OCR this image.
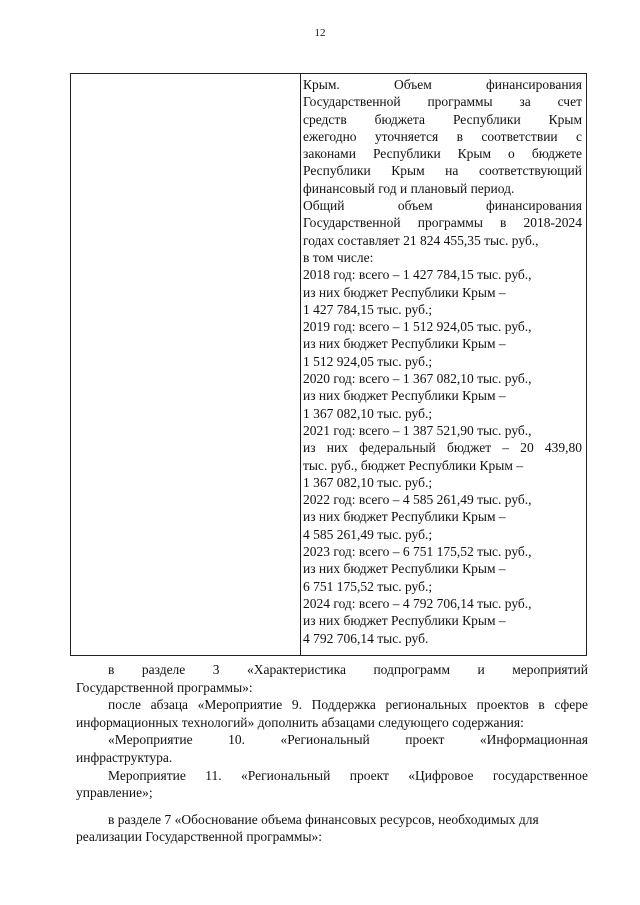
12
Крым. Объем финансирования
Государственной программы за счет
средств бюджета Республики Крым
ежегодно уточняется в соответствии с
законами Республики Крым о бюджете
Республики Крым на соответствующий
финансовый год и плановый период.
Общий объем финансирования
Государственной программы в 2018-2024
годах составляет 21 824 455,35 тыс. руб.,
в том числе:
2018 год: всего – 1 427 784,15 тыс. руб.,
из них бюджет Республики Крым –
1 427 784,15 тыс. руб.;
2019 год: всего – 1 512 924,05 тыс. руб.,
из них бюджет Республики Крым –
1 512 924,05 тыс. руб.;
2020 год: всего – 1 367 082,10 тыс. руб.,
из них бюджет Республики Крым –
1 367 082,10 тыс. руб.;
2021 год: всего – 1 387 521,90 тыс. руб.,
из них федеральный бюджет – 20 439,80
тыс. руб., бюджет Республики Крым –
1 367 082,10 тыс. руб.;
2022 год: всего – 4 585 261,49 тыс. руб.,
из них бюджет Республики Крым –
4 585 261,49 тыс. руб.;
2023 год: всего – 6 751 175,52 тыс. руб.,
из них бюджет Республики Крым –
6 751 175,52 тыс. руб.;
2024 год: всего – 4 792 706,14 тыс. руб.,
из них бюджет Республики Крым –
4 792 706,14 тыс. руб.
в разделе 3 «Характеристика подпрограмм и мероприятий
Государственной программы»:
после абзаца «Мероприятие 9. Поддержка региональных проектов в сфере
информационных технологий» дополнить абзацами следующего содержания:
«Мероприятие 10. «Региональный проект «Информационная
инфраструктура.
Мероприятие 11. «Региональный проект «Цифровое государственное
управление»;
в разделе 7 «Обоснование объема финансовых ресурсов, необходимых для
реализации Государственной программы»:
